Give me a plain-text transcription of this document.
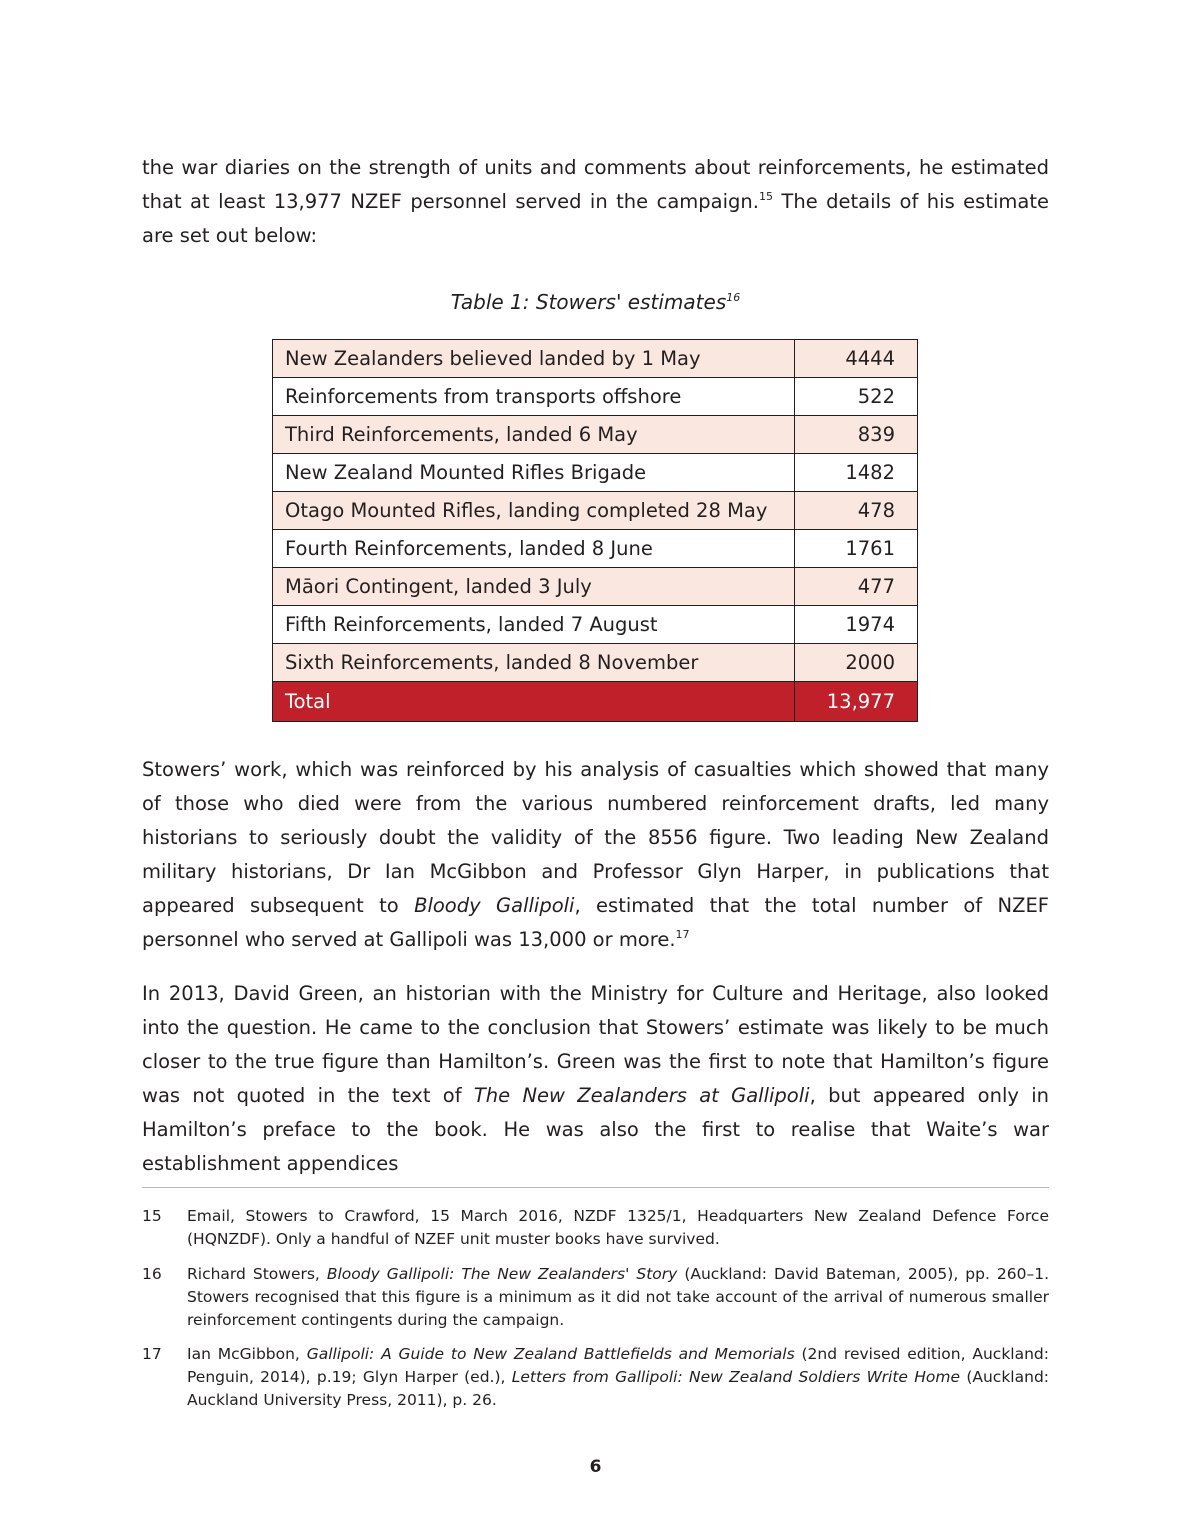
the war diaries on the strength of units and comments about reinforcements, he estimated that at least 13,977 NZEF personnel served in the campaign.$^{15}$ The details of his estimate are set out below:

Table 1: Stowers' estimates$^{16}$

New Zealanders believed landed by 1 May	4444
Reinforcements from transports offshore	522
Third Reinforcements, landed 6 May	839
New Zealand Mounted Rifles Brigade	1482
Otago Mounted Rifles, landing completed 28 May	478
Fourth Reinforcements, landed 8 June	1761
Māori Contingent, landed 3 July	477
Fifth Reinforcements, landed 7 August	1974
Sixth Reinforcements, landed 8 November	2000
Total	13,977

Stowers’ work, which was reinforced by his analysis of casualties which showed that many of those who died were from the various numbered reinforcement drafts, led many historians to seriously doubt the validity of the 8556 figure. Two leading New Zealand military historians, Dr Ian McGibbon and Professor Glyn Harper, in publications that appeared subsequent to Bloody Gallipoli, estimated that the total number of NZEF personnel who served at Gallipoli was 13,000 or more.$^{17}$

In 2013, David Green, an historian with the Ministry for Culture and Heritage, also looked into the question. He came to the conclusion that Stowers’ estimate was likely to be much closer to the true figure than Hamilton’s. Green was the first to note that Hamilton’s figure was not quoted in the text of The New Zealanders at Gallipoli, but appeared only in Hamilton’s preface to the book. He was also the first to realise that Waite’s war establishment appendices

15	Email, Stowers to Crawford, 15 March 2016, NZDF 1325/1, Headquarters New Zealand Defence Force (HQNZDF). Only a handful of NZEF unit muster books have survived.
16	Richard Stowers, Bloody Gallipoli: The New Zealanders' Story (Auckland: David Bateman, 2005), pp. 260–1. Stowers recognised that this figure is a minimum as it did not take account of the arrival of numerous smaller reinforcement contingents during the campaign.
17	Ian McGibbon, Gallipoli: A Guide to New Zealand Battlefields and Memorials (2nd revised edition, Auckland: Penguin, 2014), p.19; Glyn Harper (ed.), Letters from Gallipoli: New Zealand Soldiers Write Home (Auckland: Auckland University Press, 2011), p. 26.
6
